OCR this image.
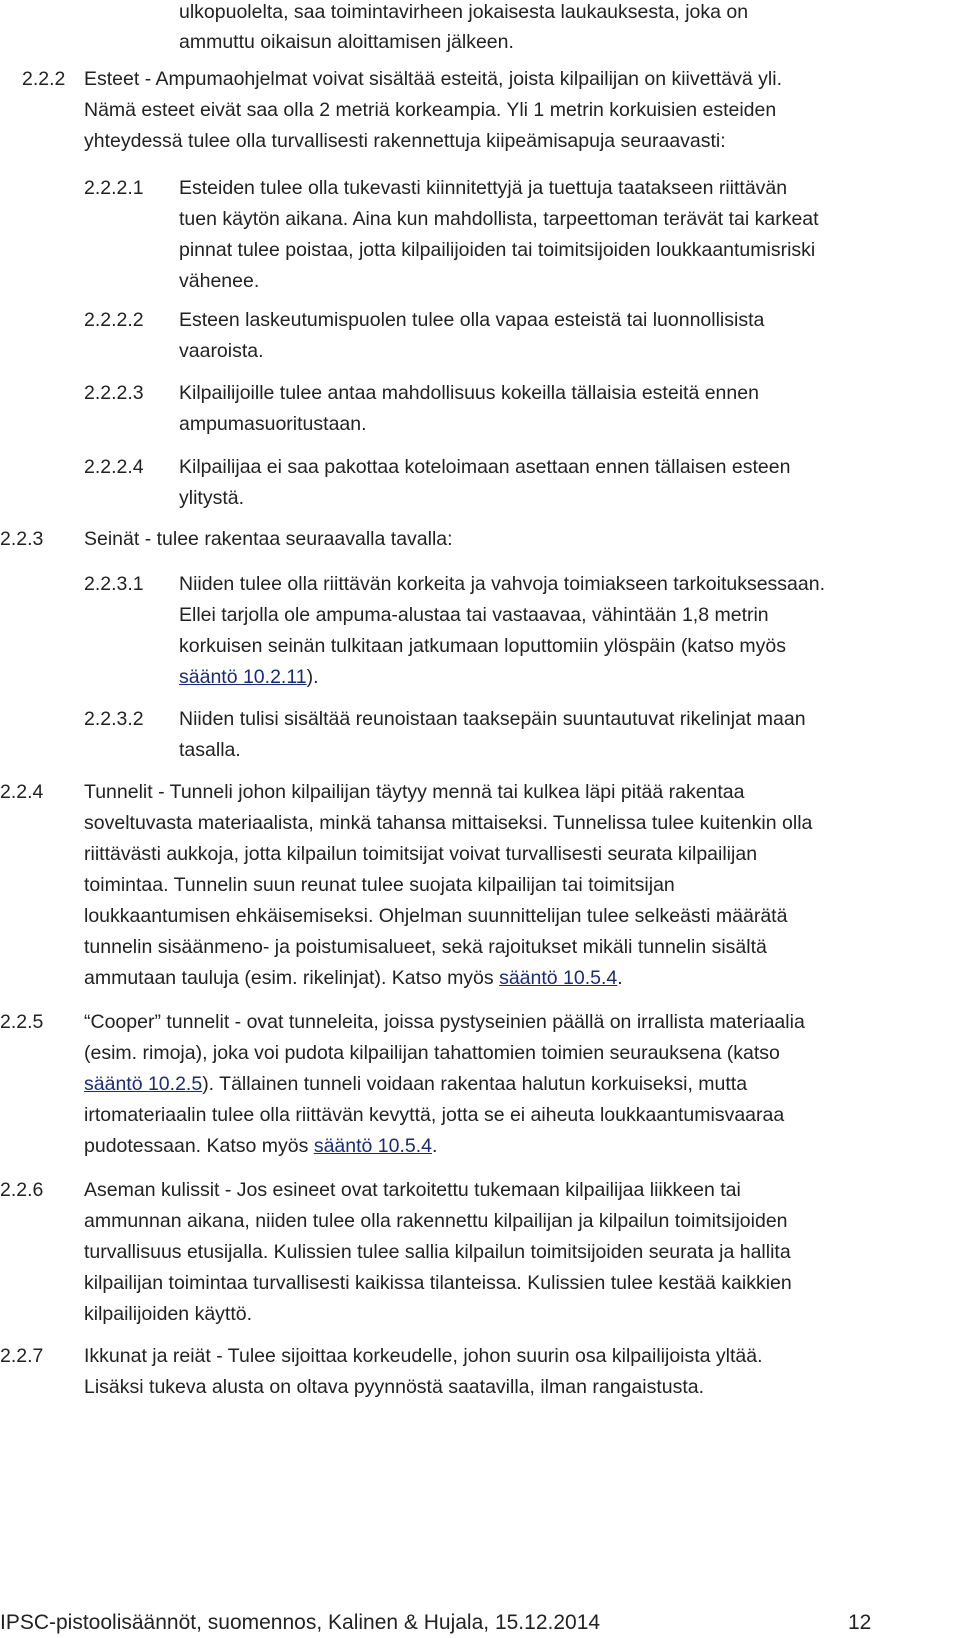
ulkopuolelta, saa toimintavirheen jokaisesta laukauksesta, joka on
ammuttu oikaisun aloittamisen jälkeen.
2.2.2 Esteet - Ampumaohjelmat voivat sisältää esteitä, joista kilpailijan on kiivettävä yli.
Nämä esteet eivät saa olla 2 metriä korkeampia. Yli 1 metrin korkuisien esteiden
yhteydessä tulee olla turvallisesti rakennettuja kiipeämisapuja seuraavasti:
2.2.2.1 Esteiden tulee olla tukevasti kiinnitettyjä ja tuettuja taatakseen riittävän
tuen käytön aikana. Aina kun mahdollista, tarpeettoman terävät tai karkeat
pinnat tulee poistaa, jotta kilpailijoiden tai toimitsijoiden loukkaantumisriski
vähenee.
2.2.2.2 Esteen laskeutumispuolen tulee olla vapaa esteistä tai luonnollisista
vaaroista.
2.2.2.3 Kilpailijoille tulee antaa mahdollisuus kokeilla tällaisia esteitä ennen
ampumasuoritustaan.
2.2.2.4 Kilpailijaa ei saa pakottaa koteloimaan asettaan ennen tällaisen esteen
ylitystä.
2.2.3 Seinät - tulee rakentaa seuraavalla tavalla:
2.2.3.1 Niiden tulee olla riittävän korkeita ja vahvoja toimiakseen tarkoituksessaan.
Ellei tarjolla ole ampuma-alustaa tai vastaavaa, vähintään 1,8 metrin
korkuisen seinän tulkitaan jatkumaan loputtomiin ylöspäin (katso myös
sääntö 10.2.11).
2.2.3.2 Niiden tulisi sisältää reunoistaan taaksepäin suuntautuvat rikelinjat maan
tasalla.
2.2.4 Tunnelit - Tunneli johon kilpailijan täytyy mennä tai kulkea läpi pitää rakentaa
soveltuvasta materiaalista, minkä tahansa mittaiseksi. Tunnelissa tulee kuitenkin olla
riittävästi aukkoja, jotta kilpailun toimitsijat voivat turvallisesti seurata kilpailijan
toimintaa. Tunnelin suun reunat tulee suojata kilpailijan tai toimitsijan
loukkaantumisen ehkäisemiseksi. Ohjelman suunnittelijan tulee selkeästi määrätä
tunnelin sisäänmeno- ja poistumisalueet, sekä rajoitukset mikäli tunnelin sisältä
ammutaan tauluja (esim. rikelinjat). Katso myös sääntö 10.5.4.
2.2.5 “Cooper” tunnelit - ovat tunneleita, joissa pystyseinien päällä on irrallista materiaalia
(esim. rimoja), joka voi pudota kilpailijan tahattomien toimien seurauksena (katso
sääntö 10.2.5). Tällainen tunneli voidaan rakentaa halutun korkuiseksi, mutta
irtomateriaalin tulee olla riittävän kevyttä, jotta se ei aiheuta loukkaantumisvaaraa
pudotessaan. Katso myös sääntö 10.5.4.
2.2.6 Aseman kulissit - Jos esineet ovat tarkoitettu tukemaan kilpailijaa liikkeen tai
ammunnan aikana, niiden tulee olla rakennettu kilpailijan ja kilpailun toimitsijoiden
turvallisuus etusijalla. Kulissien tulee sallia kilpailun toimitsijoiden seurata ja hallita
kilpailijan toimintaa turvallisesti kaikissa tilanteissa. Kulissien tulee kestää kaikkien
kilpailijoiden käyttö.
2.2.7 Ikkunat ja reiät - Tulee sijoittaa korkeudelle, johon suurin osa kilpailijoista yltää.
Lisäksi tukeva alusta on oltava pyynnöstä saatavilla, ilman rangaistusta.
IPSC-pistoolisäännöt, suomennos, Kalinen & Hujala, 15.12.2014	12
